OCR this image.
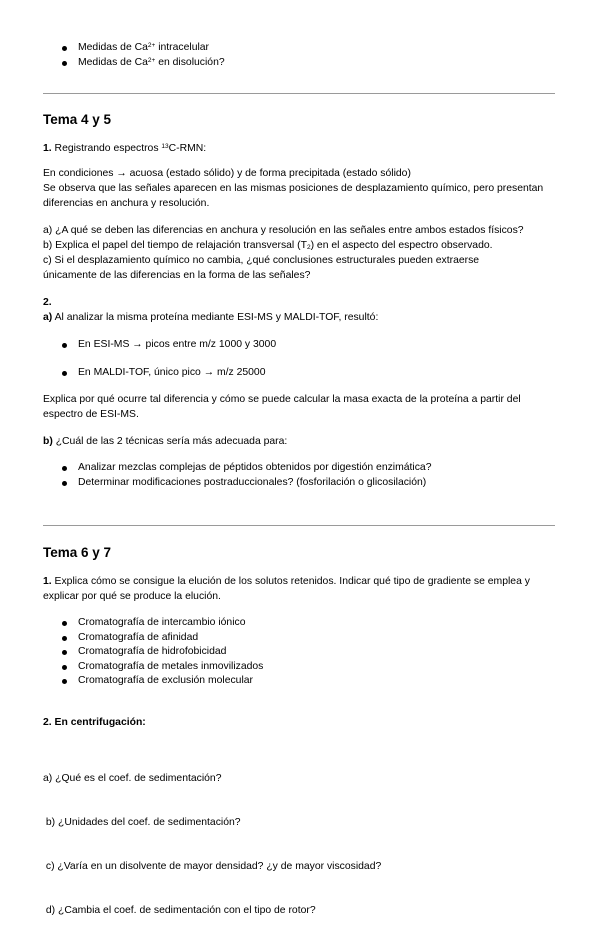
Medidas de $Ca^{2+}$ intracelular
Medidas de $Ca^{2+}$ en disolución?
Tema 4 y 5

1. Registrando espectros $^{13}$C-RMN:

En condiciones → acuosa (estado sólido) y de forma precipitada (estado sólido)

Se observa que las señales aparecen en las mismas posiciones de desplazamiento químico, pero presentan diferencias en anchura y resolución.

a) ¿A qué se deben las diferencias en anchura y resolución en las señales entre ambos estados físicos?

b) Explica el papel del tiempo de relajación transversal $(T_2)$ en el aspecto del espectro observado.

c) Si el desplazamiento químico no cambia, ¿qué conclusiones estructurales pueden extraerse únicamente de las diferencias en la forma de las señales?

2.

a) Al analizar la misma proteína mediante ESI-MS y MALDI-TOF, resultó:

En ESI-MS → picos entre m/z 1000 y 3000
En MALDI-TOF, único pico → m/z 25000

Explica por qué ocurre tal diferencia y cómo se puede calcular la masa exacta de la proteína a partir del espectro de ESI-MS.

b) ¿Cuál de las 2 técnicas sería más adecuada para:

Analizar mezclas complejas de péptidos obtenidos por digestión enzimática?
Determinar modificaciones postraduccionales? (fosforilación o glicosilación)
Tema 6 y 7

1. Explica cómo se consigue la elución de los solutos retenidos. Indicar qué tipo de gradiente se emplea y explicar por qué se produce la elución.

Cromatografía de intercambio iónico
Cromatografía de afinidad
Cromatografía de hidrofobicidad
Cromatografía de metales inmovilizados
Cromatografía de exclusión molecular

2. En centrifugación:

a) ¿Qué es el coef. de sedimentación?

b) ¿Unidades del coef. de sedimentación?

c) ¿Varía en un disolvente de mayor densidad? ¿y de mayor viscosidad?

d) ¿Cambia el coef. de sedimentación con el tipo de rotor?
